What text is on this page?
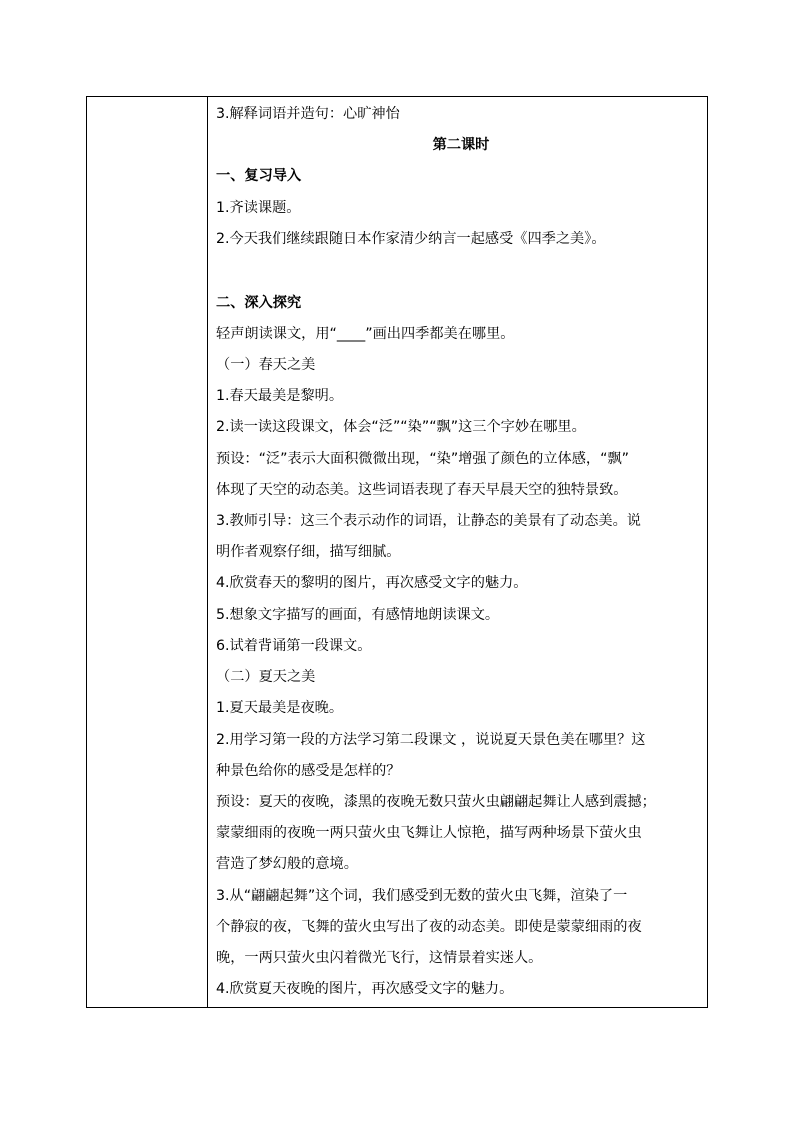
3.解释词语并造句：心旷神怡
第二课时
一、复习导入
1.齐读课题。
2.今天我们继续跟随日本作家清少纳言一起感受《四季之美》。
二、深入探究
轻声朗读课文，用“____”画出四季都美在哪里。
（一）春天之美
1.春天最美是黎明。
2.读一读这段课文，体会“泛”“染”“飘”这三个字妙在哪里。
预设：“泛”表示大面积微微出现，“染”增强了颜色的立体感，“飘”
体现了天空的动态美。这些词语表现了春天早晨天空的独特景致。
3.教师引导：这三个表示动作的词语，让静态的美景有了动态美。说
明作者观察仔细，描写细腻。
4.欣赏春天的黎明的图片，再次感受文字的魅力。
5.想象文字描写的画面，有感情地朗读课文。
6.试着背诵第一段课文。
（二）夏天之美
1.夏天最美是夜晚。
2.用学习第一段的方法学习第二段课文 ，说说夏天景色美在哪里？这
种景色给你的感受是怎样的？
预设：夏天的夜晚，漆黑的夜晚无数只萤火虫翩翩起舞让人感到震撼；
蒙蒙细雨的夜晚一两只萤火虫飞舞让人惊艳，描写两种场景下萤火虫
营造了梦幻般的意境。
3.从“翩翩起舞”这个词，我们感受到无数的萤火虫飞舞，渲染了一
个静寂的夜，飞舞的萤火虫写出了夜的动态美。即使是蒙蒙细雨的夜
晚，一两只萤火虫闪着微光飞行，这情景着实迷人。
4.欣赏夏天夜晚的图片，再次感受文字的魅力。
